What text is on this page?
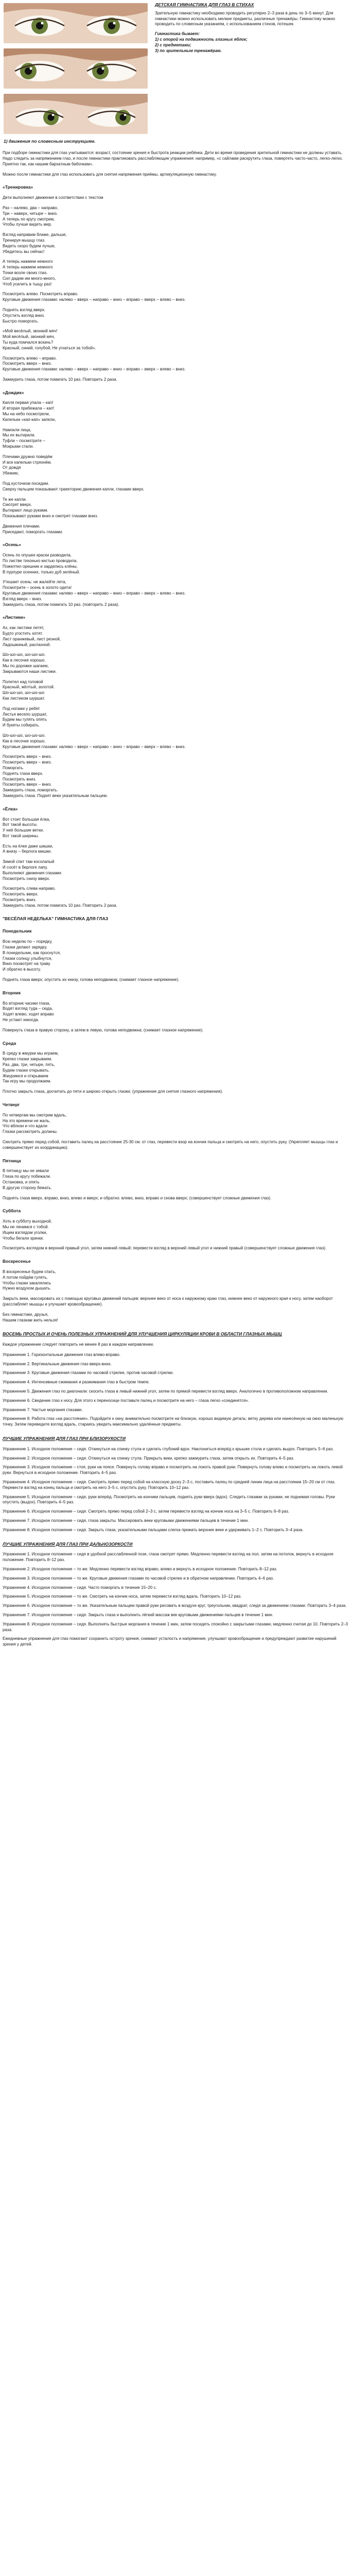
1) движения по словесным инструкциям.
ДЕТСКАЯ ГИМНАСТИКА ДЛЯ ГЛАЗ В СТИХАХ

Зрительную гимнастику необходимо проводить регулярно 2–3 раза в день по 3–5 минут. Для гимнастики можно использовать мелкие предметы, различные тренажёры. Гимнастику можно проводить по словесным указаниям, с использованием стихов, потешек.

Гимнастика бывает:

1) с опорой на подвижность глазных яблок;
2) с предметами;
3) по зрительным тренажёрам.

При подборе гимнастики для глаз учитываются: возраст, состояние зрения и быстрота реакции ребёнка. Дети во время проведения зрительной гимнастики не должны уставать. Надо следить за напряжением глаз, и после гимнастики практиковать расслабляющие упражнения: например, «с сайлами раскрутить глаза, повертеть часто-часто, легко-легко. Приятно так, как нашим бархатным бабочкам».

Можно после гимнастики для глаз использовать для снятия напряжения приёмы, артикуляционную гимнастику.

«Тренировка»
Дети выполняют движения в соответствии с текстом
Раз – налево, два – направо,
Три – наверх, четыре – вниз.
А теперь по кругу смотрим,
Чтобы лучше видеть мир.
Взгляд направим ближе, дальше,
Тренируя мышцу глаз.
Видеть скоро будем лучше,
Убедитесь вы сейчас!
А теперь нажмем немного
А теперь нажмем немного
Точки возле своих глаз.
Сил дадим им много-много,
Чтоб усилить в тыщу раз!
Посмотреть влево. Посмотреть вправо.
Круговые движения глазами: налево – вверх – направо – вниз – вправо – вверх – влево – вниз.
Поднять взгляд вверх.
Опустить взгляд вниз.
Быстро поморгать.
«Мой весёлый, звонкий мяч!
Мой весёлый, звонкий мяч,
Ты куда помчался вскачь?
Красный, синий, голубой, Не угнаться за тобой».
Посмотреть влево – вправо.
Посмотреть вверх – вниз.
Круговые движения глазами: налево – вверх – направо – вниз – вправо – вверх – влево – вниз.
Зажмурить глаза, потом помигать 10 раз. Повторить 2 раза.
«Дождик»
Капля первая упала – кап!
И вторая прибежала – кап!
Мы на небо посмотрели,
Капельки «кап-кап» запели,
Намокли лица,
Мы их вытирали.
Туфли – посмотрите –
Мокрыми стали.
Плечами дружно поведём
И все капельки стряхнём.
От дождя
Убежим,
Под кусточком посидим.
Сверху пальцем показывают траекторию движения капли, глазами вверх.
Те же капли.
Смотрят вверх.
Вытирают лицо руками.
Показывают руками вниз и смотрят глазами вниз.
Движения плечами.
Приседают, поморгать глазами.
«Осень»
Осень по опушке краски разводила,
По листве тихонько кистью проводила.
Пожелтел орешник и зарделись клёны,
В пурпуре осенних, только дуб зелёный.
Утешает осень: не жалейте лета,
Посмотрите – осень в золото одета!
Круговые движения глазами: налево – вверх – направо – вниз – вправо – вверх – влево – вниз.
Взгляд вверх – вниз.
Зажмурить глаза, потом помигать 10 раз. (повторить 2 раза).
«Листики»
Ах, как листики летят,
Будто угостить хотят.
Лист оранжевый, лист резной,
Ладошкиный, распахной.
Шо-шо-шо, шо-шо-шо.
Как в лесочке хорошо.
Мы по дорожке шагаем,
Закрываются наши листики.
Полетел над головой
Красный, жёлтый, золотой.
Шо-шо-шо, шо-шо-шо
Как листиком шуршат.
Под ногами у ребят
Листья весело шуршат,
Будем мы гулять опять
И букеты собирать.
Шо-шо-шо, шо-шо-шо.
Как в лесочке хорошо.
Круговые движения глазами: налево – вверх – направо – вниз – вправо – вверх – влево – вниз.
Посмотреть вверх – вниз.
Посмотреть вверх – вниз.
Поморгать.
Поднять глаза вверх.
Посмотреть вниз.
Посмотреть вверх – вниз.
Зажмурить глаза, поморгать.
Зажмурить глаза. Поднят веки указательным пальцем.
«Ёлка»
Вот стоит большая ёлка,
Вот такой высоты.
У неё большие ветки.
Вот такой ширины.
Есть на ёлке даже шишки,
А внизу – берлога мишки.
Зимой спит там косолапый
И сосёт в берлоге лапу.
Выполняют движения глазами:
Посмотреть снизу вверх.
Посмотреть слева направо.
Посмотреть вверх.
Посмотреть вниз.
Зажмурить глаза, потом помигать 10 раз. Повторить 2 раза.
"ВЕСЁЛАЯ НЕДЕЛЬКА" ГИМНАСТИКА ДЛЯ ГЛАЗ
Понедельник
Всю неделю по – порядку,
Глазки делают зарядку.
В понедельник, как проснутся,
Глазки солнцу улыбнутся,
Вниз посмотрят на траву
И обратно в высоту.
Поднять глаза вверх; опустить их книзу, голова неподвижна; (снимает глазное напряжение).
Вторник
Во вторник часики глаза,
Водят взгляд туда – сюда,
Ходят влево, ходят вправо
Не устают никогда.
Повернуть глаза в правую сторону, а затем в левую, голова неподвижна; (снимает глазное напряжение).
Среда
В среду в жмурки мы играем,
Крепко глазки закрываем.
Раз, два, три, четыре, пять,
Будем глазки открывать.
Жмуримся и открываем
Так игру мы продолжаем.
Плотно закрыть глаза, досчитать до пяти и широко открыть глазки; (упражнение для снятия глазного напряжения).
Четверг
По четвергам мы смотрим вдаль,
На это времени не жаль,
Что вблизи и что вдали
Глазки рассмотреть должны.
Смотреть прямо перед собой, поставить палец на расстояние 25-30 см. от глаз, перевести взор на кончик пальца и смотреть на него, опустить руку. (Укрепляет мышцы глаз и совершенствует их координацию).
Пятница
В пятницу мы не зевали
Глаза по кругу побежали.
Остановка, и опять
В другую сторону бежать.
Поднять глаза вверх, вправо, вниз, влево и вверх; и обратно: влево, вниз, вправо и снова вверх; (совершенствует сложные движения глаз).
Суббота
Хоть в субботу выходной,
Мы не ленимся с тобой.
Ищем взглядом уголки,
Чтобы бегали зрачки.
Посмотреть взглядом в верхний правый угол, затем нижний левый; перевести взгляд в верхний левый угол и нижний правый (совершенствует сложные движения глаз).
Воскресенье
В воскресенье будем спать,
А потом пойдём гулять,
Чтобы глазки закалялись
Нужно воздухом дышать.
Закрыть веки, массировать их с помощью круговых движений пальцев: верхнее веко от носа к наружному краю глаз, нижнее веко от наружного края к носу, затем наоборот (расслабляет мышцы и улучшает кровообращение).
Без гимнастики, друзья,
Нашим глазкам жить нельзя!
ВОСЕМЬ ПРОСТЫХ И ОЧЕНЬ ПОЛЕЗНЫХ УПРАЖНЕНИЙ ДЛЯ УЛУЧШЕНИЯ ЦИРКУЛЯЦИИ КРОВИ В ОБЛАСТИ ГЛАЗНЫХ МЫШЦ

Каждое упражнение следует повторить не менее 8 раз в каждом направлении.

Упражнение 1. Горизонтальные движения глаз влево-вправо.

Упражнение 2. Вертикальные движения глаз вверх-вниз.

Упражнение 3. Круговые движения глазами по часовой стрелке, против часовой стрелки.

Упражнение 4. Интенсивные сжимания и разжимания глаз в быстром темпе.

Упражнение 5. Движения глаз по диагонали: скосить глаза в левый нижний угол, затем по прямой перевести взгляд вверх. Аналогично в противоположном направлении.

Упражнение 6. Сведение глаз к носу. Для этого к переносице поставьте палец и посмотрите на него – глаза легко «соединятся».

Упражнение 7. Частые моргания глазами.

Упражнение 8. Работа глаз «на расстояние». Подойдите к окну, внимательно посмотрите на близкую, хорошо видимую деталь: ветку дерева или нанесённую на окно маленькую точку. Затем переведите взгляд вдаль, стараясь увидеть максимально удалённые предметы.

ЛУЧШИЕ УПРАЖНЕНИЯ ДЛЯ ГЛАЗ ПРИ БЛИЗОРУКОСТИ

Упражнение 1. Исходное положение – сидя. Откинуться на спинку стула и сделать глубокий вдох. Наклониться вперёд к крышке стола и сделать выдох. Повторить 5–6 раз.

Упражнение 2. Исходное положение – сидя. Откинуться на спинку стула. Прикрыть веки, крепко зажмурить глаза, затем открыть их. Повторить 4–5 раз.

Упражнение 3. Исходное положение – стоя, руки на поясе. Повернуть голову вправо и посмотреть на локоть правой руки. Повернуть голову влево и посмотреть на локоть левой руки. Вернуться в исходное положение. Повторить 4–5 раз.

Упражнение 4. Исходное положение – сидя. Смотреть прямо перед собой на классную доску 2–3 с, поставить палец по средней линии лица на расстоянии 15–20 см от глаз. Перевести взгляд на конец пальца и смотреть на него 3–5 с, опустить руку. Повторить 10–12 раз.

Упражнение 5. Исходное положение – сидя, руки вперёд. Посмотреть на кончики пальцев, поднять руки вверх (вдох). Следить глазами за руками, не поднимая головы. Руки опустить (выдох). Повторить 4–5 раз.

Упражнение 6. Исходное положение – сидя. Смотреть прямо перед собой 2–3 с, затем перевести взгляд на кончик носа на 3–5 с. Повторить 6–8 раз.

Упражнение 7. Исходное положение – сидя, глаза закрыты. Массировать веки круговыми движениями пальцев в течение 1 мин.

Упражнение 8. Исходное положение – сидя. Закрыть глаза, указательными пальцами слегка прижать верхние веки и удерживать 1–2 с. Повторить 3–4 раза.

ЛУЧШИЕ УПРАЖНЕНИЯ ДЛЯ ГЛАЗ ПРИ ДАЛЬНОЗОРКОСТИ

Упражнение 1. Исходное положение – сидя в удобной расслабленной позе, глаза смотрят прямо. Медленно перевести взгляд на пол, затем на потолок, вернуть в исходное положение. Повторить 8–12 раз.

Упражнение 2. Исходное положение – то же. Медленно перевести взгляд вправо, влево и вернуть в исходное положение. Повторить 8–12 раз.

Упражнение 3. Исходное положение – то же. Круговые движения глазами по часовой стрелке и в обратном направлении. Повторить 4–6 раз.

Упражнение 4. Исходное положение – сидя. Часто поморгать в течение 15–20 с.

Упражнение 5. Исходное положение – то же. Смотреть на кончик носа, затем перевести взгляд вдаль. Повторить 10–12 раз.

Упражнение 6. Исходное положение – то же. Указательным пальцем правой руки рисовать в воздухе круг, треугольник, квадрат, следя за движением глазами. Повторить 3–4 раза.

Упражнение 7. Исходное положение – сидя. Закрыть глаза и выполнить лёгкий массаж век круговыми движениями пальцев в течение 1 мин.

Упражнение 8. Исходное положение – сидя. Выполнять быстрые моргания в течение 1 мин, затем посидеть спокойно с закрытыми глазами, медленно считая до 10. Повторить 2–3 раза.

Ежедневные упражнения для глаз помогают сохранить остроту зрения, снимают усталость и напряжение, улучшают кровообращение и предупреждают развитие нарушений зрения у детей.
